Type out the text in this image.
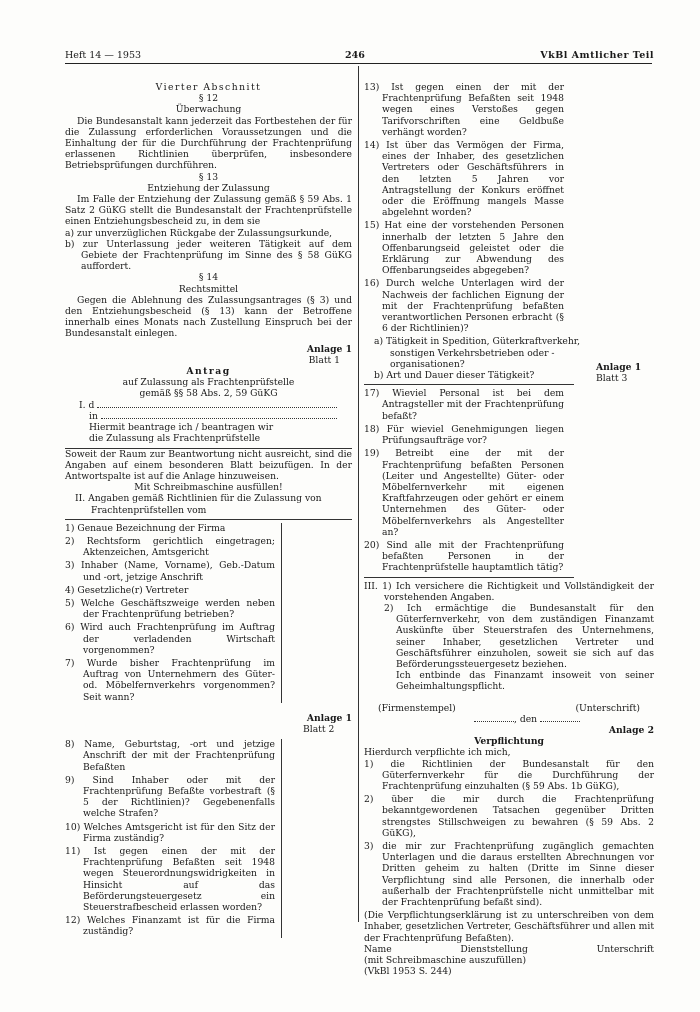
Heft 14 — 1953	246	VkBl Amtlicher Teil

Vierter Abschnitt

§ 12

Überwachung

Die Bundesanstalt kann jederzeit das Fortbestehen der für die Zulassung erforderlichen Voraussetzungen und die Einhaltung der für die Durchführung der Frachtenprüfung erlassenen Richtlinien überprüfen, insbesondere Betriebsprüfungen durchführen.

§ 13

Entziehung der Zulassung

Im Falle der Entziehung der Zulassung gemäß § 59 Abs. 1 Satz 2 GüKG stellt die Bundesanstalt der Frachtenprüfstelle einen Entziehungsbescheid zu, in dem sie

a) zur unverzüglichen Rückgabe der Zulassungsurkunde,

b) zur Unterlassung jeder weiteren Tätigkeit auf dem Gebiete der Frachtenprüfung im Sinne des § 58 GüKG auffordert.

§ 14

Rechtsmittel

Gegen die Ablehnung des Zulassungsantrages (§ 3) und den Entziehungsbescheid (§ 13) kann der Betroffene innerhalb eines Monats nach Zustellung Einspruch bei der Bundesanstalt einlegen.

Anlage 1

Blatt 1

Antrag

auf Zulassung als Frachtenprüfstelle

gemäß §§ 58 Abs. 2, 59 GüKG

I. d

in

Hiermit beantrage ich / beantragen wir

die Zulassung als Frachtenprüfstelle

Soweit der Raum zur Beantwortung nicht ausreicht, sind die Angaben auf einem besonderen Blatt beizufügen. In der Antwortspalte ist auf die Anlage hinzuweisen.

Mit Schreibmaschine ausfüllen!

II. Angaben gemäß Richtlinien für die Zulassung von Frachtenprüfstellen vom

1) Genaue Bezeichnung der Firma

2) Rechtsform gerichtlich eingetragen; Aktenzeichen, Amtsgericht

3) Inhaber (Name, Vorname), Geb.-Datum und -ort, jetzige Anschrift

4) Gesetzliche(r) Vertreter

5) Welche Geschäftszweige werden neben der Frachtenprüfung betrieben?

6) Wird auch Frachtenprüfung im Auftrag der verladenden Wirtschaft vorgenommen?

7) Wurde bisher Frachtenprüfung im Auftrag von Unternehmern des Güter- od. Möbelfernverkehrs vorgenommen? Seit wann?

Anlage 1

Blatt 2

8) Name, Geburtstag, -ort und jetzige Anschrift der mit der Frachtenprüfung Befaßten

9) Sind Inhaber oder mit der Frachtenprüfung Befaßte vorbestraft (§ 5 der Richtlinien)? Gegebenenfalls welche Strafen?

10) Welches Amtsgericht ist für den Sitz der Firma zuständig?

11) Ist gegen einen der mit der Frachtenprüfung Befaßten seit 1948 wegen Steuerordnungswidrigkeiten in Hinsicht auf das Beförderungsteuergesetz ein Steuerstrafbescheid erlassen worden?

12) Welches Finanzamt ist für die Firma zuständig?

13) Ist gegen einen der mit der Frachtenprüfung Befaßten seit 1948 wegen eines Verstoßes gegen Tarifvorschriften eine Geldbuße verhängt worden?

14) Ist über das Vermögen der Firma, eines der Inhaber, des gesetzlichen Vertreters oder Geschäftsführers in den letzten 5 Jahren vor Antragstellung der Konkurs eröffnet oder die Eröffnung mangels Masse abgelehnt worden?

15) Hat eine der vorstehenden Personen innerhalb der letzten 5 Jahre den Offenbarungseid geleistet oder die Erklärung zur Abwendung des Offenbarungseides abgegeben?

16) Durch welche Unterlagen wird der Nachweis der fachlichen Eignung der mit der Frachtenprüfung befaßten verantwortlichen Personen erbracht (§ 6 der Richtlinien)?

a) Tätigkeit in Spedition, Güterkraftverkehr, sonstigen Verkehrsbetrieben oder -organisationen?

b) Art und Dauer dieser Tätigkeit?

Anlage 1

Blatt 3

17) Wieviel Personal ist bei dem Antragsteller mit der Frachtenprüfung befaßt?

18) Für wieviel Genehmigungen liegen Prüfungsaufträge vor?

19) Betreibt eine der mit der Frachtenprüfung befaßten Personen (Leiter und Angestellte) Güter- oder Möbelfernverkehr mit eigenen Kraftfahrzeugen oder gehört er einem Unternehmen des Güter- oder Möbelfernverkehrs als Angestellter an?

20) Sind alle mit der Frachtenprüfung befaßten Personen in der Frachtenprüfstelle hauptamtlich tätig?

III. 1) Ich versichere die Richtigkeit und Vollständigkeit der vorstehenden Angaben.

2) Ich ermächtige die Bundesanstalt für den Güterfernverkehr, von dem zuständigen Finanzamt Auskünfte über Steuerstrafen des Unternehmens, seiner Inhaber, gesetzlichen Vertreter und Geschäftsführer einzuholen, soweit sie sich auf das Beförderungssteuergesetz beziehen.

Ich entbinde das Finanzamt insoweit von seiner Geheimhaltungspflicht.

(Firmenstempel)	(Unterschrift)

, den

Anlage 2

Verpflichtung

Hierdurch verpflichte ich mich,

1) die Richtlinien der Bundesanstalt für den Güterfernverkehr für die Durchführung der Frachtenprüfung einzuhalten (§ 59 Abs. 1b GüKG),

2) über die mir durch die Frachtenprüfung bekanntgewordenen Tatsachen gegenüber Dritten strengstes Stillschweigen zu bewahren (§ 59 Abs. 2 GüKG),

3) die mir zur Frachtenprüfung zugänglich gemachten Unterlagen und die daraus erstellten Abrechnungen vor Dritten geheim zu halten (Dritte im Sinne dieser Verpflichtung sind alle Personen, die innerhalb oder außerhalb der Frachtenprüfstelle nicht unmittelbar mit der Frachtenprüfung befaßt sind).

(Die Verpflichtungserklärung ist zu unterschreiben von dem Inhaber, gesetzlichen Vertreter, Geschäftsführer und allen mit der Frachtenprüfung Befaßten).

Name	Dienststellung	Unterschrift

(mit Schreibmaschine auszufüllen)

(VkBl 1953 S. 244)
